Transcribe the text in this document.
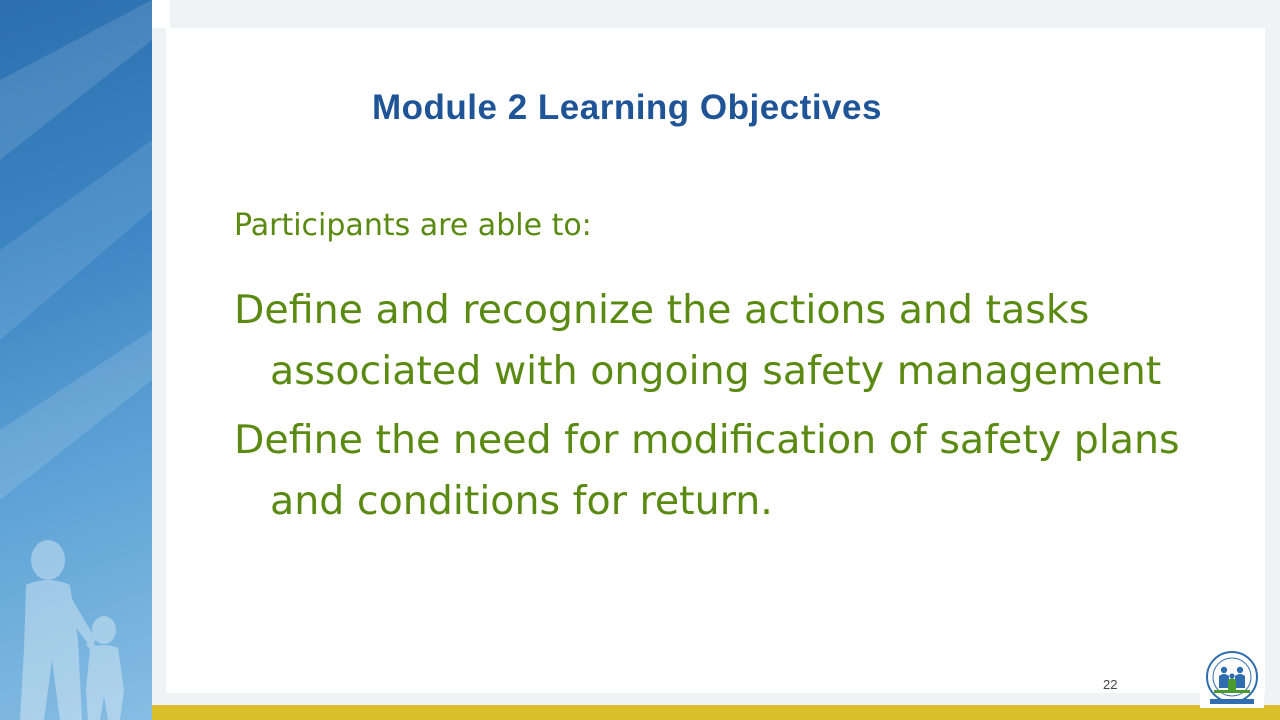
Module 2 Learning Objectives
Participants are able to:
Define and recognize the actions and tasks associated with ongoing safety management
Define the need for modification of safety plans and conditions for return.
22
